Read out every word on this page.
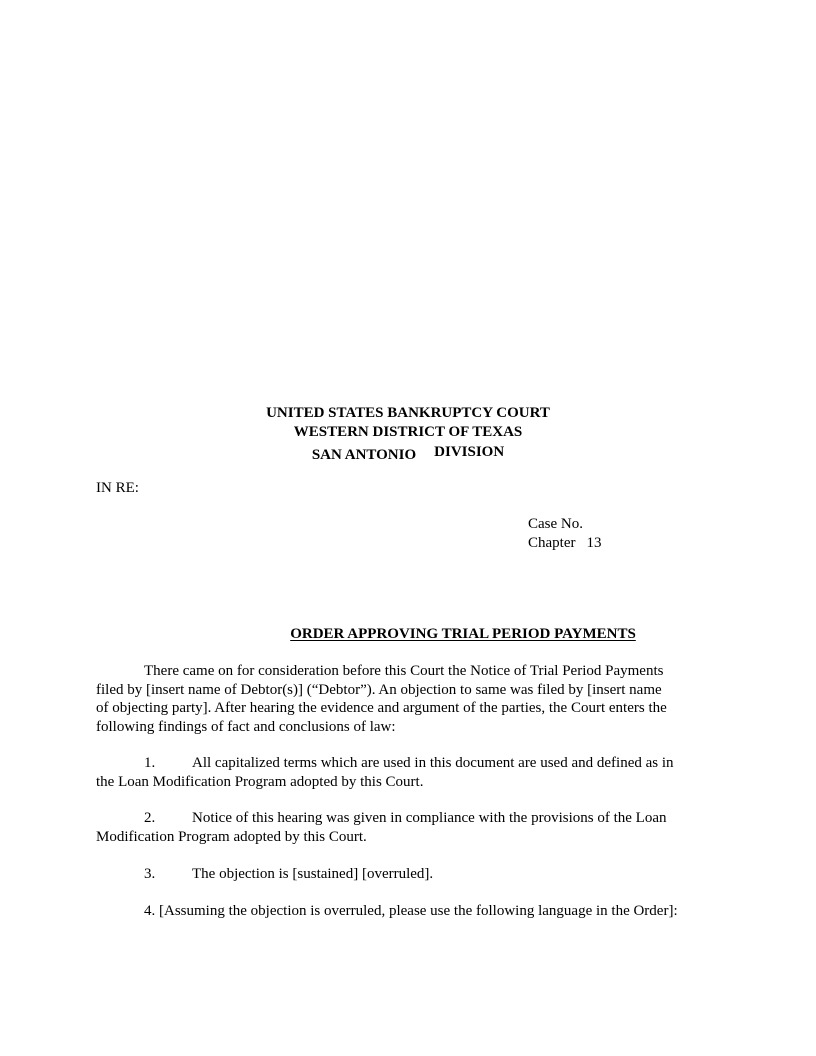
UNITED STATES BANKRUPTCY COURT
WESTERN DISTRICT OF TEXAS
SAN ANTONIO DIVISION
IN RE:
Case No.
Chapter 13
ORDER APPROVING TRIAL PERIOD PAYMENTS
There came on for consideration before this Court the Notice of Trial Period Payments
filed by [insert name of Debtor(s)] (“Debtor”). An objection to same was filed by [insert name
of objecting party]. After hearing the evidence and argument of the parties, the Court enters the
following findings of fact and conclusions of law:
1. All capitalized terms which are used in this document are used and defined as in
the Loan Modification Program adopted by this Court.
2. Notice of this hearing was given in compliance with the provisions of the Loan
Modification Program adopted by this Court.
3. The objection is [sustained] [overruled].
4. [Assuming the objection is overruled, please use the following language in the Order]:
